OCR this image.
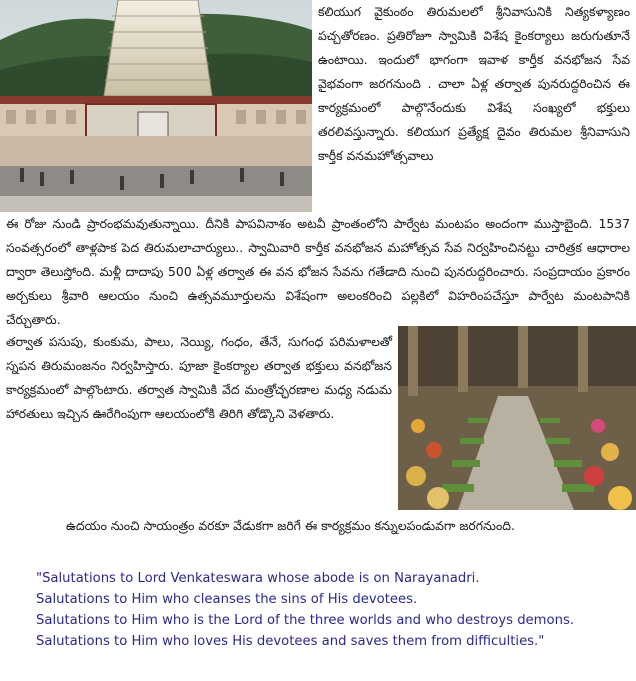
కలియుగ వైకుంఠం తిరుమలలో శ్రీనివాసునికి నిత్యకళ్యాణం పచ్చతోరణం. ప్రతిరోజూ స్వామికి విశేష కైంకర్యాలు జరుగుతూనే ఉంటాయి. ఇందులో భాగంగా ఇవాళ కార్తీక వనభోజన సేవ వైభవంగా జరగనుంది . చాలా ఏళ్ల తర్వాత పునరుద్దరించిన ఈ కార్యక్రమంలో పాల్గొనేందుకు విశేష సంఖ్యలో భక్తులు తరలివస్తున్నారు. కలియుగ ప్రత్యేక్ష దైవం తిరుమల శ్రీనివాసుని కార్తీక వనమహోత్సవాలు

ఈ రోజు నుండి ప్రారంభమవుతున్నాయి. దీనికి పాపవినాశం అటవీ ప్రాంతంలోని పార్వేట మంటపం అందంగా ముస్తాబైంది. 1537 సంవత్సరంలో తాళ్లపాక పెద తిరుమలాచార్యులు.. స్వామివారి కార్తీక వనభోజన మహోత్సవ సేవ నిర్వహించినట్టు చారిత్రక ఆధారాల ద్వారా తెలుస్తోంది. మళ్లీ దాదాపు 500 ఏళ్ల తర్వాత ఈ వన భోజన సేవను గతేడాది నుంచి పునరుద్దరించారు. సంప్రదాయం ప్రకారం అర్చకులు శ్రీవారి ఆలయం నుంచి ఉత్సవమూర్తులను విశేషంగా అలంకరించి పల్లకిలో విహరింపచేస్తూ పార్వేట మంటపానికి చేర్చుతారు.

తర్వాత పసుపు, కుంకుమ, పాలు, నెయ్యి, గంధం, తేనే, సుగంధ పరిమళాలతో స్నపన తిరుమంజనం నిర్వహిస్తారు. పూజా కైంకర్యాల తర్వాత భక్తులు వనభోజన కార్యక్రమంలో పాల్గొంటారు. తర్వాత స్వామికి వేద మంత్రోచ్ఛరణాల మధ్య నడుమ హారతులు ఇచ్చిన ఊరేగింపుగా ఆలయంలోకి తిరిగి తోడ్కొని వెళతారు.

ఉదయం నుంచి సాయంత్రం వరకూ వేడుకగా జరిగే ఈ కార్యక్రమం కన్నులపండువగా జరగనుంది.

"Salutations to Lord Venkateswara whose abode is on Narayanadri.
Salutations to Him who cleanses the sins of His devotees.
Salutations to Him who is the Lord of the three worlds and who destroys demons.
Salutations to Him who loves His devotees and saves them from difficulties."
